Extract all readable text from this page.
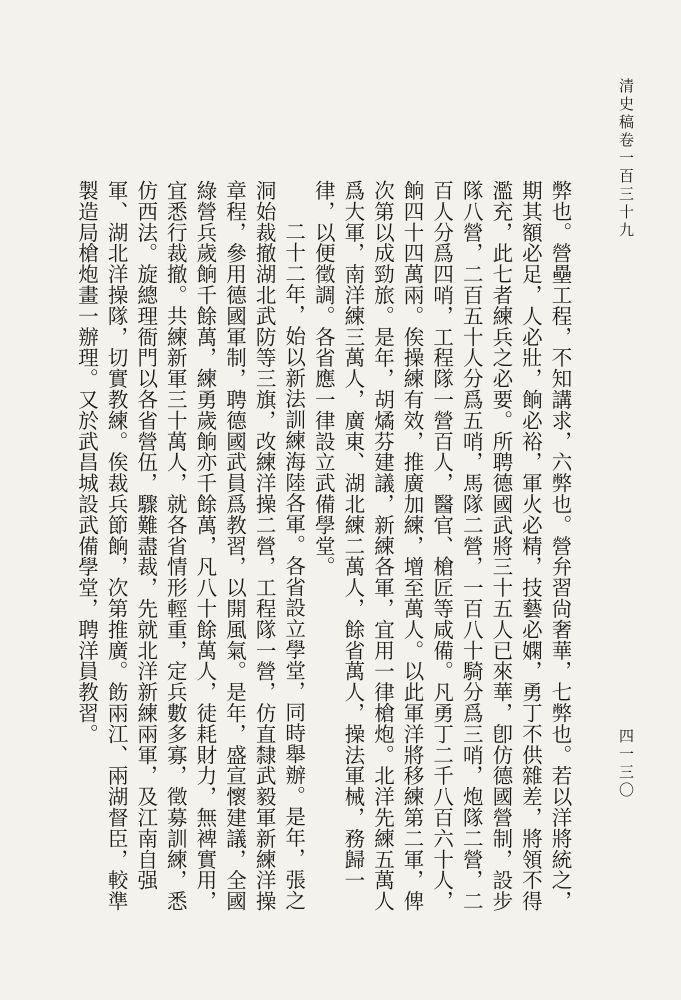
清史稿卷一百三十九
四一三〇

弊也。營壘工程，不知講求，六弊也。營弁習尙奢華，七弊也。若以洋將統之，期其額必足，人必壯，餉必裕，軍火必精，技藝必嫻，勇丁不供雜差，將領不得濫充，此七者練兵之必要。所聘德國武將三十五人已來華，卽仿德國營制，設步隊八營，二百五十人分爲五哨，馬隊二營，一百八十騎分爲三哨，炮隊二營，二百人分爲四哨，工程隊一營百人，醫官、槍匠等咸備。凡勇丁二千八百六十人，餉四十四萬兩。俟操練有效，推廣加練，增至萬人。以此軍洋將移練第二軍，俾次第以成勁旅。是年，胡燏芬建議，新練各軍，宜用一律槍炮。北洋先練五萬人爲大軍，南洋練三萬人，廣東、湖北練二萬人，餘省萬人，操法軍械，務歸一律，以便徵調。各省應一律設立武備學堂。

二十二年，始以新法訓練海陸各軍。各省設立學堂，同時舉辦。是年，張之洞始裁撤湖北武防等三旗，改練洋操二營，工程隊一營，仿直隸武毅軍新練洋操章程，參用德國軍制，聘德國武員爲教習，以開風氣。是年，盛宣懷建議，全國綠營兵歲餉千餘萬，練勇歲餉亦千餘萬，凡八十餘萬人，徒耗財力，無裨實用，宜悉行裁撤。共練新軍三十萬人，就各省情形輕重，定兵數多寡，徵募訓練，悉仿西法。旋總理衙門以各省營伍，驟難盡裁，先就北洋新練兩軍，及江南自强軍、湖北洋操隊，切實教練。俟裁兵節餉，次第推廣。飭兩江、兩湖督臣，較準製造局槍炮畫一辦理。又於武昌城設武備學堂，聘洋員教習。
